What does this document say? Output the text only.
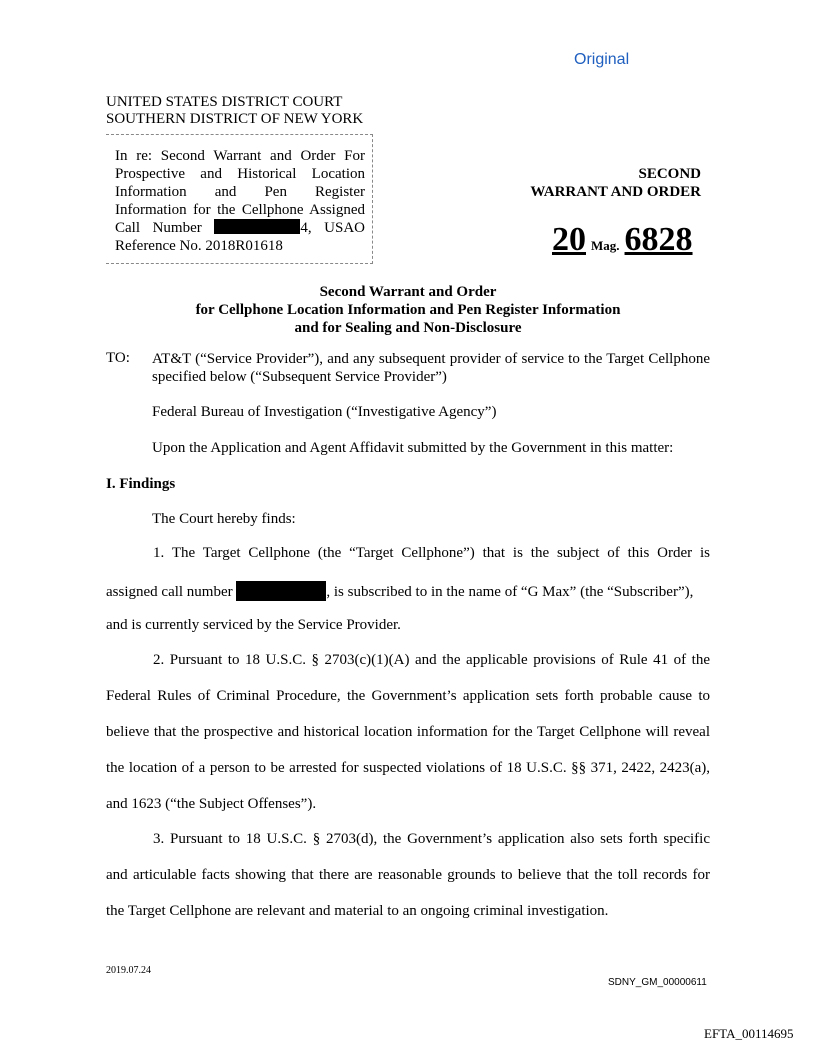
Original
UNITED STATES DISTRICT COURT
SOUTHERN DISTRICT OF NEW YORK
In re: Second Warrant and Order For Prospective and Historical Location Information and Pen Register Information for the Cellphone Assigned Call Number	4, USAO Reference No. 2018R01618
SECOND
WARRANT AND ORDER
20 Mag. 6828
Second Warrant and Order
for Cellphone Location Information and Pen Register Information
and for Sealing and Non-Disclosure
TO: AT&T (“Service Provider”), and any subsequent provider of service to the Target Cellphone specified below (“Subsequent Service Provider”)
Federal Bureau of Investigation (“Investigative Agency”)
Upon the Application and Agent Affidavit submitted by the Government in this matter:
I. Findings
The Court hereby finds:
1. The Target Cellphone (the “Target Cellphone”) that is the subject of this Order is
assigned call number	, is subscribed to in the name of “G Max” (the “Subscriber”),
and is currently serviced by the Service Provider.
2. Pursuant to 18 U.S.C. § 2703(c)(1)(A) and the applicable provisions of Rule 41 of the
Federal Rules of Criminal Procedure, the Government’s application sets forth probable cause to
believe that the prospective and historical location information for the Target Cellphone will reveal
the location of a person to be arrested for suspected violations of 18 U.S.C. §§ 371, 2422, 2423(a),
and 1623 (“the Subject Offenses”).
3. Pursuant to 18 U.S.C. § 2703(d), the Government’s application also sets forth specific
and articulable facts showing that there are reasonable grounds to believe that the toll records for
the Target Cellphone are relevant and material to an ongoing criminal investigation.
2019.07.24
SDNY_GM_00000611
EFTA_00114695
